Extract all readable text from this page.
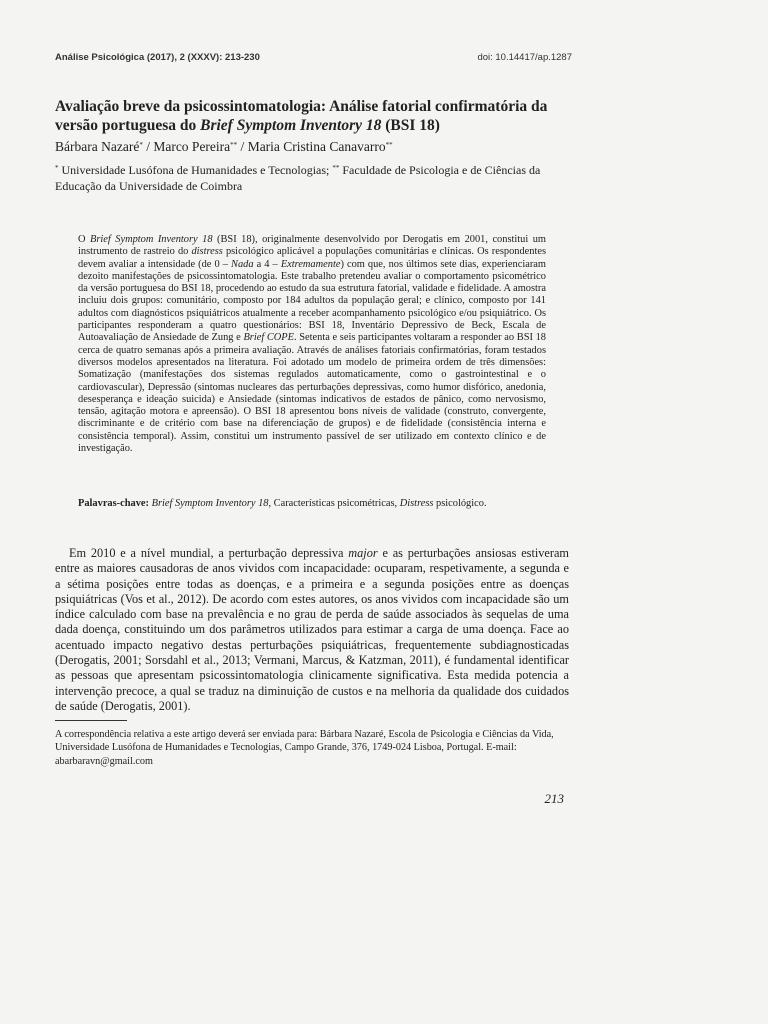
Análise Psicológica (2017), 2 (XXXV): 213-230	doi: 10.14417/ap.1287
Avaliação breve da psicossintomatologia: Análise fatorial confirmatória da versão portuguesa do Brief Symptom Inventory 18 (BSI 18)
Bárbara Nazaré* / Marco Pereira** / Maria Cristina Canavarro**
* Universidade Lusófona de Humanidades e Tecnologias; ** Faculdade de Psicologia e de Ciências da Educação da Universidade de Coimbra

O Brief Symptom Inventory 18 (BSI 18), originalmente desenvolvido por Derogatis em 2001, constitui um instrumento de rastreio do distress psicológico aplicável a populações comunitárias e clínicas. Os respondentes devem avaliar a intensidade (de 0 – Nada a 4 – Extremamente) com que, nos últimos sete dias, experienciaram dezoito manifestações de psicossintomatologia. Este trabalho pretendeu avaliar o comportamento psicométrico da versão portuguesa do BSI 18, procedendo ao estudo da sua estrutura fatorial, validade e fidelidade. A amostra incluiu dois grupos: comunitário, composto por 184 adultos da população geral; e clínico, composto por 141 adultos com diagnósticos psiquiátricos atualmente a receber acompanhamento psicológico e/ou psiquiátrico. Os participantes responderam a quatro questionários: BSI 18, Inventário Depressivo de Beck, Escala de Autoavaliação de Ansiedade de Zung e Brief COPE. Setenta e seis participantes voltaram a responder ao BSI 18 cerca de quatro semanas após a primeira avaliação. Através de análises fatoriais confirmatórias, foram testados diversos modelos apresentados na literatura. Foi adotado um modelo de primeira ordem de três dimensões: Somatização (manifestações dos sistemas regulados automaticamente, como o gastrointestinal e o cardiovascular), Depressão (sintomas nucleares das perturbações depressivas, como humor disfórico, anedonia, desesperança e ideação suicida) e Ansiedade (sintomas indicativos de estados de pânico, como nervosismo, tensão, agitação motora e apreensão). O BSI 18 apresentou bons níveis de validade (construto, convergente, discriminante e de critério com base na diferenciação de grupos) e de fidelidade (consistência interna e consistência temporal). Assim, constitui um instrumento passível de ser utilizado em contexto clínico e de investigação.

Palavras-chave: Brief Symptom Inventory 18, Características psicométricas, Distress psicológico.

Em 2010 e a nível mundial, a perturbação depressiva major e as perturbações ansiosas estiveram entre as maiores causadoras de anos vividos com incapacidade: ocuparam, respetivamente, a segunda e a sétima posições entre todas as doenças, e a primeira e a segunda posições entre as doenças psiquiátricas (Vos et al., 2012). De acordo com estes autores, os anos vividos com incapacidade são um índice calculado com base na prevalência e no grau de perda de saúde associados às sequelas de uma dada doença, constituindo um dos parâmetros utilizados para estimar a carga de uma doença. Face ao acentuado impacto negativo destas perturbações psiquiátricas, frequentemente subdiagnosticadas (Derogatis, 2001; Sorsdahl et al., 2013; Vermani, Marcus, & Katzman, 2011), é fundamental identificar as pessoas que apresentam psicossintomatologia clinicamente significativa. Esta medida potencia a intervenção precoce, a qual se traduz na diminuição de custos e na melhoria da qualidade dos cuidados de saúde (Derogatis, 2001).

A correspondência relativa a este artigo deverá ser enviada para: Bárbara Nazaré, Escola de Psicologia e Ciências da Vida, Universidade Lusófona de Humanidades e Tecnologias, Campo Grande, 376, 1749-024 Lisboa, Portugal. E-mail: abarbaravn@gmail.com
213
